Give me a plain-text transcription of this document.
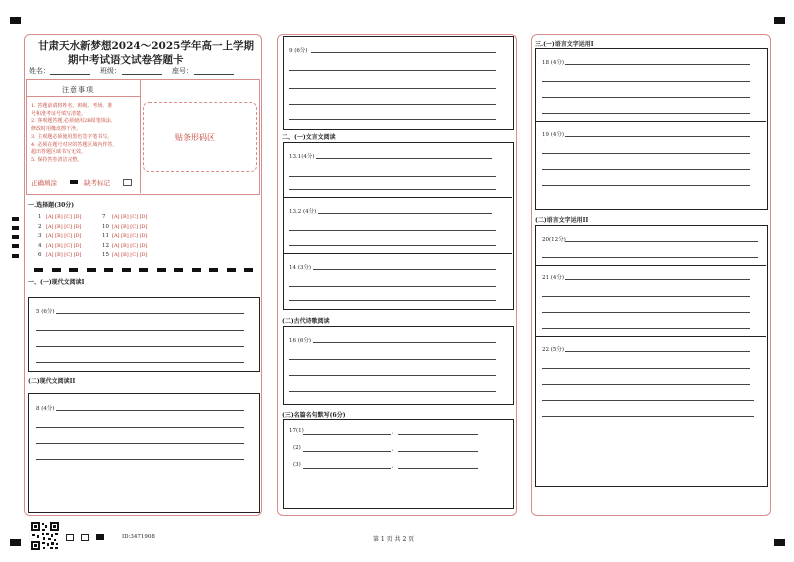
甘肃天水新梦想2024～2025学年高一上学期
期中考试语文试卷答题卡
姓名：	班级：	座号：
注意事项
1. 答题前请将姓名、班级、考场、准
号和准考证号填写清楚。
2. 客观题答题,必须使用2B铅笔填涂,
修改时用橡皮擦干净。
3. 主观题必须使用黑色签字笔书写。
4. 必须在题号对应的答题区域内作答,
超出答题区域书写无效。
5. 保持答卷清洁完整。
正确填涂	缺考标记
贴条形码区
一.选择题(30分)
1 [A] [B] [C] [D]	7 [A] [B] [C] [D]
2 [A] [B] [C] [D]	10 [A] [B] [C] [D]
3 [A] [B] [C] [D]	11 [A] [B] [C] [D]
4 [A] [B] [C] [D]	12 [A] [B] [C] [D]
6 [A] [B] [C] [D]	15 [A] [B] [C] [D]
一、(一)现代文阅读I
5 (6分)
(二)现代文阅读II
8 (4分)
ID:3471908
9 (6分)
二、(一)文言文阅读
13.1(4分)
13.2 (4分)
14 (3分)
(二)古代诗歌阅读
16 (6分)
(三)名篇名句默写(6分)
17(1)	,
(2)	,
(3)	,
第 1 页 共 2 页
三.(一)语言文字运用I
18 (4分)
19 (4分)
(二)语言文字运用II
20(12分)
21 (4分)
22 (5分)
